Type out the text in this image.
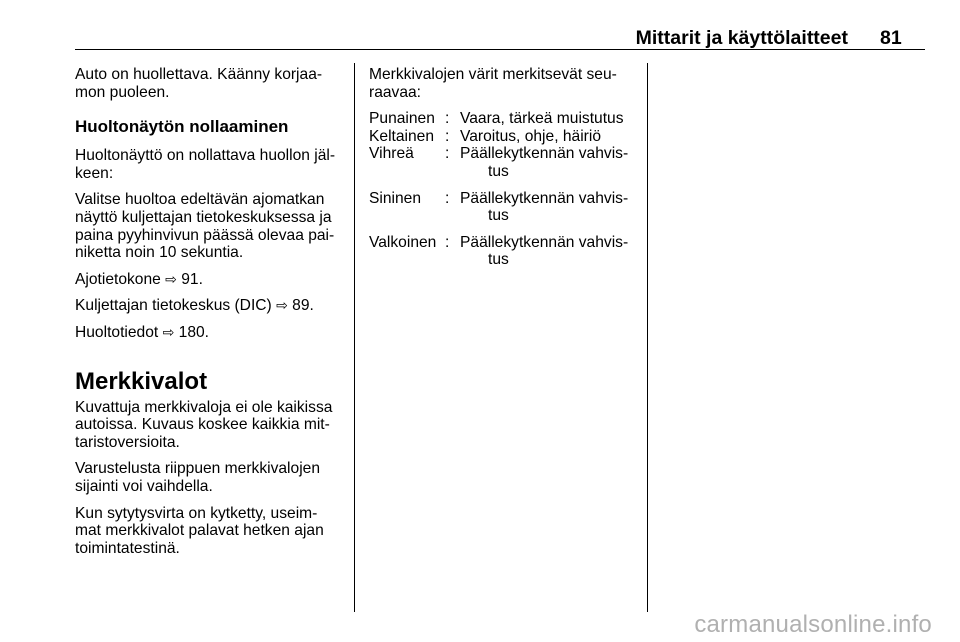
Mittarit ja käyttölaitteet 81
Auto on huollettava. Käänny korjaa-
mon puoleen.
Huoltonäytön nollaaminen
Huoltonäyttö on nollattava huollon jäl-
keen:
Valitse huoltoa edeltävän ajomatkan
näyttö kuljettajan tietokeskuksessa ja
paina pyyhinvivun päässä olevaa pai-
niketta noin 10 sekuntia.
Ajotietokone ⇨ 91.
Kuljettajan tietokeskus (DIC) ⇨ 89.
Huoltotiedot ⇨ 180.
Merkkivalot
Kuvattuja merkkivaloja ei ole kaikissa
autoissa. Kuvaus koskee kaikkia mit-
taristoversioita.
Varustelusta riippuen merkkivalojen
sijainti voi vaihdella.
Kun sytytysvirta on kytketty, useim-
mat merkkivalot palavat hetken ajan
toimintatestinä.
Merkkivalojen värit merkitsevät seu-
raavaa:
Punainen : Vaara, tärkeä muistutus
Keltainen : Varoitus, ohje, häiriö
Vihreä	: Päällekytkennän vahvis-
tus
Sininen	: Päällekytkennän vahvis-
tus
Valkoinen : Päällekytkennän vahvis-
tus
carmanualsonline.info
